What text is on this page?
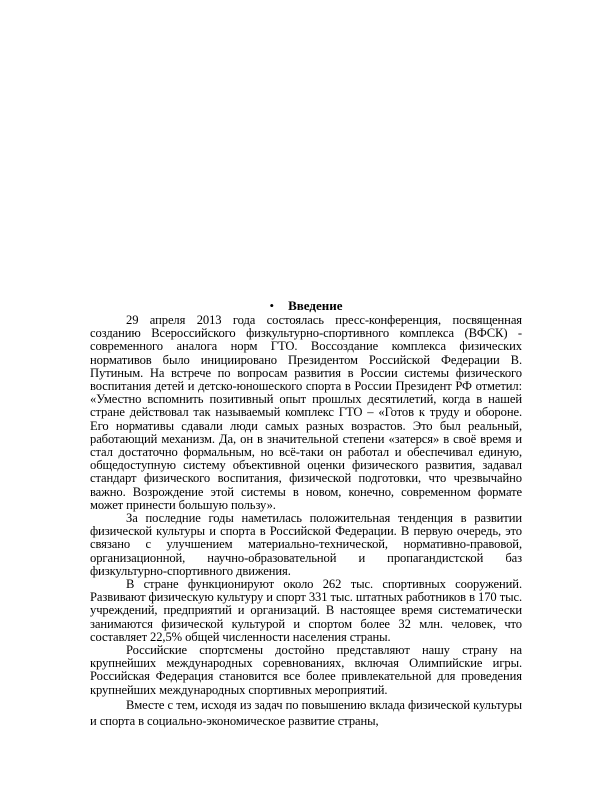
• Введение

29 апреля 2013 года состоялась пресс-конференция, посвященная созданию Всероссийского физкультурно-спортивного комплекса (ВФСК) - современного аналога норм ГТО. Воссоздание комплекса физических нормативов было инициировано Президентом Российской Федерации В. Путиным. На встрече по вопросам развития в России системы физического воспитания детей и детско-юношеского спорта в России Президент РФ отметил: «Уместно вспомнить позитивный опыт прошлых десятилетий, когда в нашей стране действовал так называемый комплекс ГТО – «Готов к труду и обороне. Его нормативы сдавали люди самых разных возрастов. Это был реальный, работающий механизм. Да, он в значительной степени «затерся» в своё время и стал достаточно формальным, но всё-таки он работал и обеспечивал единую, общедоступную систему объективной оценки физического развития, задавал стандарт физического воспитания, физической подготовки, что чрезвычайно важно. Возрождение этой системы в новом, конечно, современном формате может принести большую пользу».

За последние годы наметилась положительная тенденция в развитии физической культуры и спорта в Российской Федерации. В первую очередь, это связано с улучшением материально-технической, нормативно-правовой, организационной, научно-образовательной и пропагандистской баз физкультурно-спортивного движения.

В стране функционируют около 262 тыс. спортивных сооружений. Развивают физическую культуру и спорт 331 тыс. штатных работников в 170 тыс. учреждений, предприятий и организаций. В настоящее время систематически занимаются физической культурой и спортом более 32 млн. человек, что составляет 22,5% общей численности населения страны.

Российские спортсмены достойно представляют нашу страну на крупнейших международных соревнованиях, включая Олимпийские игры. Российская Федерация становится все более привлекательной для проведения крупнейших международных спортивных мероприятий.

Вместе с тем, исходя из задач по повышению вклада физической культуры и спорта в социально-экономическое развитие страны,
